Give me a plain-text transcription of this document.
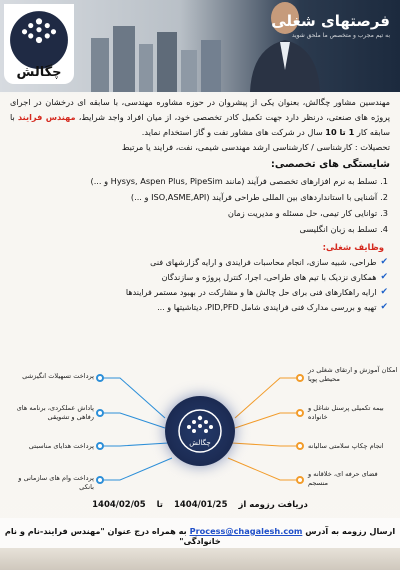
چگالش
فرصتهای شغلی
به تیم مجرب و متخصص ما ملحق شوید

مهندسین مشاور چگالش، بعنوان یکی از پیشروان در حوزه مشاوره مهندسی، با سابقه ای درخشان در اجرای پروژه های صنعتی، درنظر دارد جهت تکمیل کادر تخصصی خود، از میان افراد واجد شرایط، مهندس فرایند با سابقه کار 1 تا 10 سال در شرکت های مشاور نفت و گاز استخدام نماید.
تحصیلات : کارشناسی / کارشناسی ارشد مهندسی شیمی، نفت، فرایند یا مرتبط

شایستگی های تخصصی:
1.تسلط به نرم افزارهای تخصصی فرآیند (مانند Hysys, Aspen Plus, PipeSim و ...)
2.آشنایی با استانداردهای بین المللی طراحی فرآیند (ISO,ASME,API و ...)
3.توانایی کار تیمی، حل مسئله و مدیریت زمان
4.تسلط به زبان انگلیسی
وظایف شغلی:
✔
طراحی، شبیه سازی، انجام محاسبات فرایندی و ارایه گزارشهای فنی
✔
همکاری نزدیک با تیم های طراحی، اجرا، کنترل پروژه و سازندگان
✔
ارایه راهکارهای فنی برای حل چالش ها و مشارکت در بهبود مستمر فرایندها
✔
تهیه و بررسی مدارک فنی فرایندی شامل PID,PFD، دیتاشیتها و ...
چگالش
پرداخت تسهیلات انگیزشی
پاداش عملکردی، برنامه های رفاهی و تشویقی
پرداخت هدایای مناسبتی
پرداخت وام های سازمانی و بانکی
امکان آموزش و ارتقای شغلی در محیطی پویا
بیمه تکمیلی پرسنل شاغل و خانواده
انجام چکاپ سلامتی سالیانه
فضای حرفه ای، خلاقانه و منسجم
دریافت رزومه از 1404/01/25 تا 1404/02/05
ارسال رزومه به آدرس Process@chagalesh.com به همراه درج عنوان "مهندس فرایند-نام و نام خانوادگی"
